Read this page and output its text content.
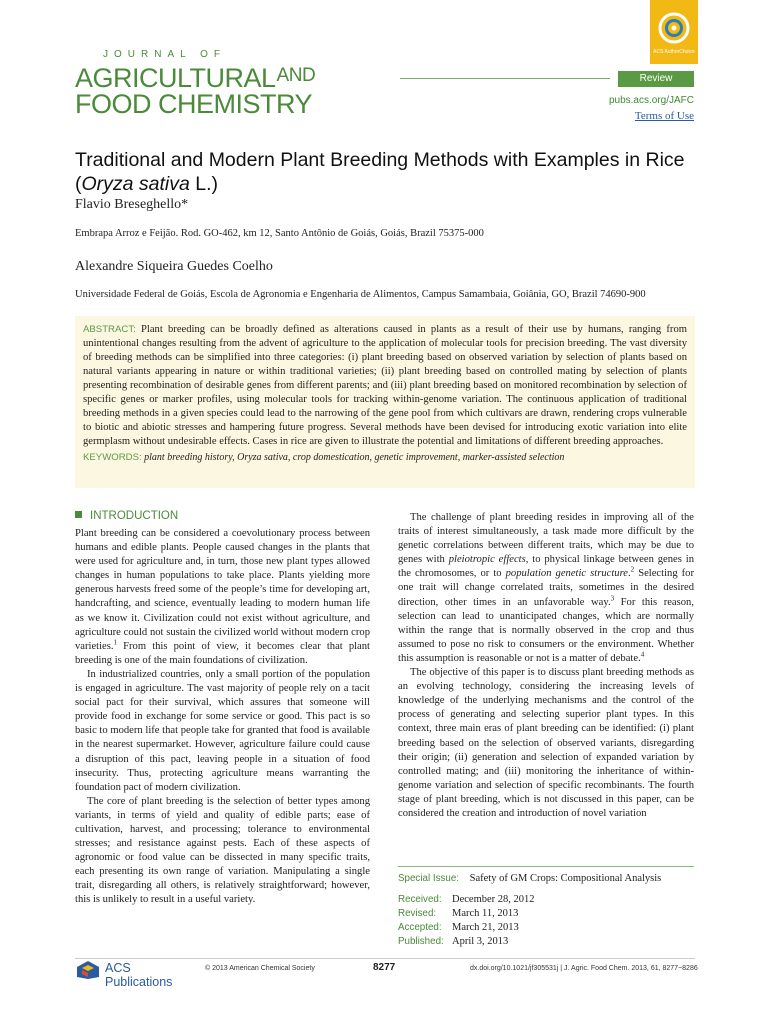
JOURNAL OF
$AGRICULTURAL^{AND}$
FOOD CHEMISTRY
ACS AuthorChoice
Review
pubs.acs.org/JAFC
Terms of Use
Traditional and Modern Plant Breeding Methods with Examples in Rice (Oryza sativa L.)
Flavio Breseghello*
Embrapa Arroz e Feijão. Rod. GO-462, km 12, Santo Antônio de Goiás, Goiás, Brazil 75375-000
Alexandre Siqueira Guedes Coelho
Universidade Federal de Goiás, Escola de Agronomia e Engenharia de Alimentos, Campus Samambaia, Goiânia, GO, Brazil 74690-900
ABSTRACT: Plant breeding can be broadly defined as alterations caused in plants as a result of their use by humans, ranging from unintentional changes resulting from the advent of agriculture to the application of molecular tools for precision breeding. The vast diversity of breeding methods can be simplified into three categories: (i) plant breeding based on observed variation by selection of plants based on natural variants appearing in nature or within traditional varieties; (ii) plant breeding based on controlled mating by selection of plants presenting recombination of desirable genes from different parents; and (iii) plant breeding based on monitored recombination by selection of specific genes or marker profiles, using molecular tools for tracking within-genome variation. The continuous application of traditional breeding methods in a given species could lead to the narrowing of the gene pool from which cultivars are drawn, rendering crops vulnerable to biotic and abiotic stresses and hampering future progress. Several methods have been devised for introducing exotic variation into elite germplasm without undesirable effects. Cases in rice are given to illustrate the potential and limitations of different breeding approaches.
KEYWORDS: plant breeding history, Oryza sativa, crop domestication, genetic improvement, marker-assisted selection
INTRODUCTION

Plant breeding can be considered a coevolutionary process between humans and edible plants. People caused changes in the plants that were used for agriculture and, in turn, those new plant types allowed changes in human populations to take place. Plants yielding more generous harvests freed some of the people’s time for developing art, handcrafting, and science, eventually leading to modern human life as we know it. Civilization could not exist without agriculture, and agriculture could not sustain the civilized world without modern crop varieties.$^1$ From this point of view, it becomes clear that plant breeding is one of the main foundations of civilization.

In industrialized countries, only a small portion of the population is engaged in agriculture. The vast majority of people rely on a tacit social pact for their survival, which assures that someone will provide food in exchange for some service or good. This pact is so basic to modern life that people take for granted that food is available in the nearest supermarket. However, agriculture failure could cause a disruption of this pact, leaving people in a situation of food insecurity. Thus, protecting agriculture means warranting the foundation pact of modern civilization.

The core of plant breeding is the selection of better types among variants, in terms of yield and quality of edible parts; ease of cultivation, harvest, and processing; tolerance to environmental stresses; and resistance against pests. Each of these aspects of agronomic or food value can be dissected in many specific traits, each presenting its own range of variation. Manipulating a single trait, disregarding all others, is relatively straightforward; however, this is unlikely to result in a useful variety.

The challenge of plant breeding resides in improving all of the traits of interest simultaneously, a task made more difficult by the genetic correlations between different traits, which may be due to genes with pleiotropic effects, to physical linkage between genes in the chromosomes, or to population genetic structure.$^2$ Selecting for one trait will change correlated traits, sometimes in the desired direction, other times in an unfavorable way.$^3$ For this reason, selection can lead to unanticipated changes, which are normally within the range that is normally observed in the crop and thus assumed to pose no risk to consumers or the environment. Whether this assumption is reasonable or not is a matter of debate.$^4$

The objective of this paper is to discuss plant breeding methods as an evolving technology, considering the increasing levels of knowledge of the underlying mechanisms and the control of the process of generating and selecting superior plant types. In this context, three main eras of plant breeding can be identified: (i) plant breeding based on the selection of observed variants, disregarding their origin; (ii) generation and selection of expanded variation by controlled mating; and (iii) monitoring the inheritance of within-genome variation and selection of specific recombinants. The fourth stage of plant breeding, which is not discussed in this paper, can be considered the creation and introduction of novel variation

Special Issue: Safety of GM Crops: Compositional Analysis
Received: December 28, 2012
Revised: March 11, 2013
Accepted: March 21, 2013
Published: April 3, 2013
ACS Publications
© 2013 American Chemical Society	8277	dx.doi.org/10.1021/jf305531j | J. Agric. Food Chem. 2013, 61, 8277−8286
